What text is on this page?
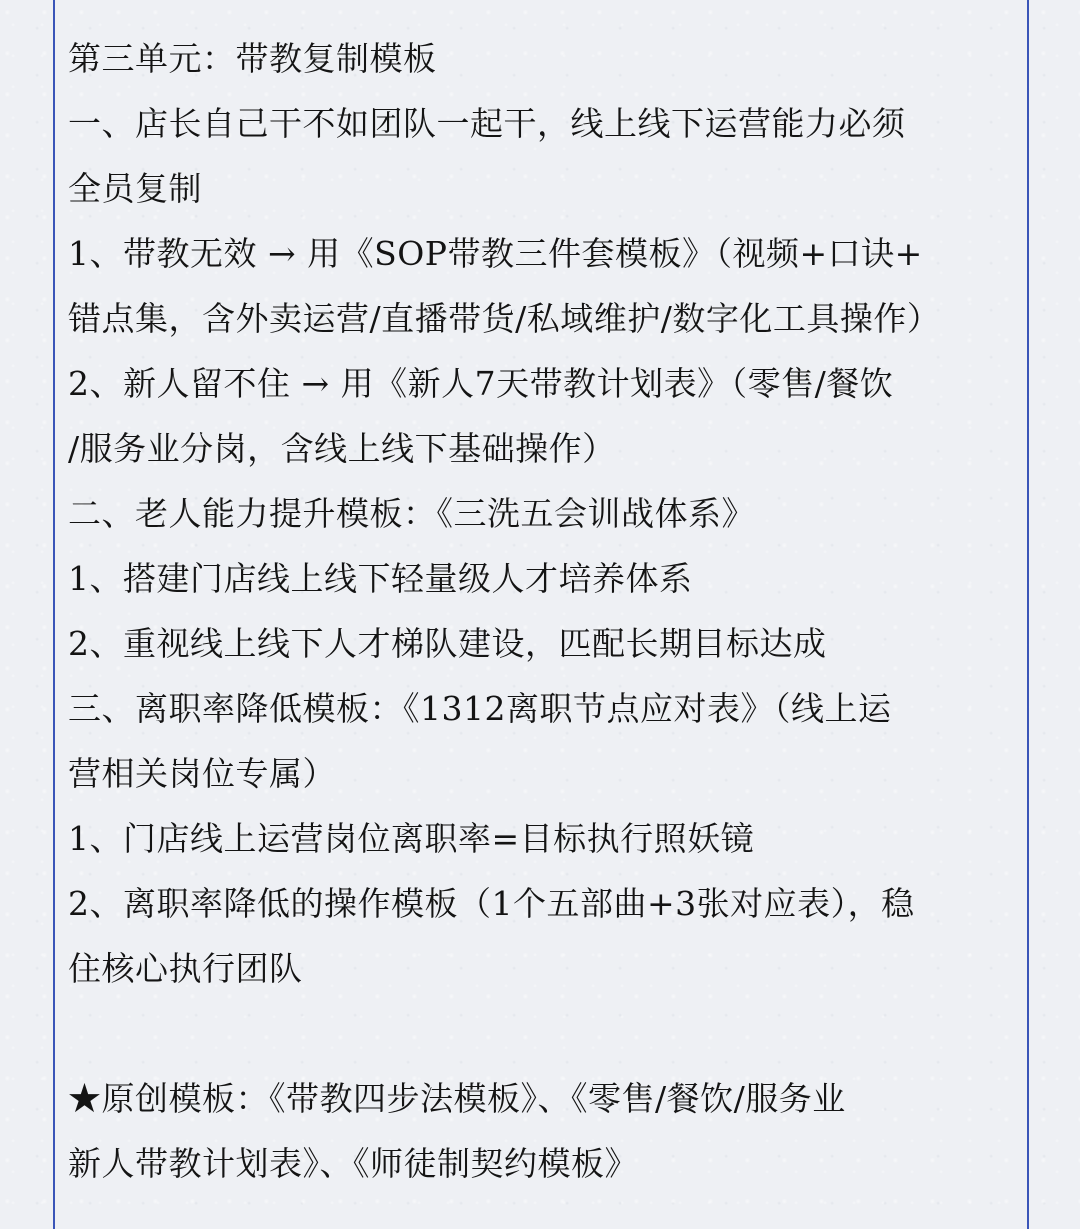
第三单元：带教复制模板
一、店长自己干不如团队一起干，线上线下运营能力必须
全员复制
1、带教无效 → 用《SOP带教三件套模板》（视频+口诀+
错点集，含外卖运营/直播带货/私域维护/数字化工具操作）
2、新人留不住 → 用《新人7天带教计划表》（零售/餐饮
/服务业分岗，含线上线下基础操作）
二、老人能力提升模板：《三洗五会训战体系》
1、搭建门店线上线下轻量级人才培养体系
2、重视线上线下人才梯队建设，匹配长期目标达成
三、离职率降低模板：《1312离职节点应对表》（线上运
营相关岗位专属）
1、门店线上运营岗位离职率=目标执行照妖镜
2、离职率降低的操作模板（1个五部曲+3张对应表），稳
住核心执行团队
★原创模板：《带教四步法模板》、《零售/餐饮/服务业
新人带教计划表》、《师徒制契约模板》
